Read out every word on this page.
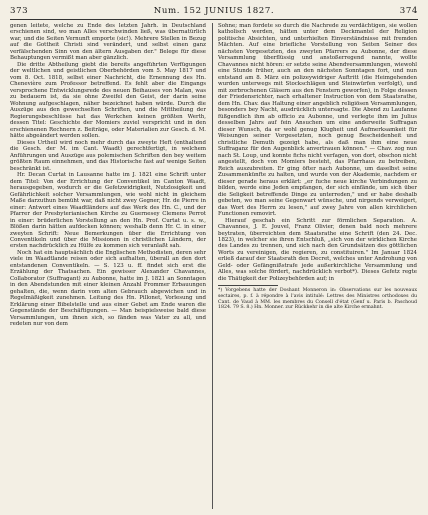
373	Num. 152 JUNIUS 1827.	374

genen leitete, welche zu Ende des letzten Jahrh. in Deutschland erschienen sind, wo man Alles verschwinden ließ, was übernatürlich war, und die Seiten Vernunft emporte (sic!). Mehrere Stellen in Bezug auf die Gottheit Christi sind verändert, und selbst einen ganz verfälschenden Sinn von den ältern Ausgaben der." Belege für diese Behauptungen vermißt man aber gänzlich.

Die dritte Abtheilung giebt die bereits angeführten Verfügungen der weltlichen und geistlichen Oberbehörden vom 5. May 1817 und vom 8. Oct. 1818, selbst einer Nachricht, die Ernennung des Hn. Chenevière zum Professor betreffend. Es fehlt aber die Eingangs versprochene Entwicklungsrede des neuen Beihauses von Malan, was zu bedauern ist, da sie ohne Zweifel den Geist, der darin seine Wohnung aufgeschlagen, näher bezeichnet haben würde. Durch die Auszüge aus den gewechselten Schriften, und die Mittheilung der Regierungsbeschlüsse hat das Werkchen keinen größten Werth, dessen Titel: Geschichte der Momiers zuviel verspricht und in den erschienenen Rechnern z. Beiträge, oder Materialien zur Gesch. d. M. hätte abgeändert werden sollen.

Dieses Urtheil wird noch mehr durch das zweyte Heft (enthaltend die Gesch. der M. im Cant. Waadt) gerechtfertigt, in welchem Anführungen und Auszüge aus polemischen Schriften den bey weitem größten Raum einnehmen, und das Historische fast auf wenige Seiten beschränkt ist.

Hr. Decan Curtat in Lausanne hatte im J. 1821 eine Schrift unter dem Titel: Von der Errichtung der Conventikel im Canton Waadt, herausgegeben, wodurch er die Gefetzwidrigkeit, Nutzlosigkeit und Gefährlichkeit solcher Versammlungen, wie wohl nicht in gleichem Maße darzuthun bemüht war, daß nicht zwey Gegner, Hr. de Pierre in einer: Antwort eines Waadtländers auf das Werk des Hn. C., und der Pfarrer der Presbyterianischen Kirche zu Guernesey Clemens Perrot in einer: brüderlichen Vorstellung an den Hn. Prof. Curtat u. s. w., Blößen darin hätten aufdecken können; weshalb denn Hr. C. in einer zweyten Schrift: Neue Bemerkungen über die Errichtung von Conventikeln und über die Missionen in christlichen Ländern, der ersten nachdrücklich zu Hülfe zu kommen sich veranlaßt sah.

Noch hat ein hauptsächlich die Englischen Methodisten, deren sehr viele im Waadtlande reisen oder sich aufhalten, überall an den dort entstandenen Conventikeln. — S. 123 u. ff. findet sich erst die Erzählung der Thatsachen. Ein gewisser Alexander Chavannes, Collaborator (Suffragant) zu Aubonne, hatte im J. 1821 an Sonntagen in den Abendstunden mit einer kleinen Anzahl Frommer Erbauungen gehalten, die, wenn darin vom alten Gebrauch abgewichen und in Regelmäßigkeit zunehmen. Leitung des Hn. Pillonet, Vorlesung und Erklärung einer Bibelstelle und aus einer Gebet am Ende waren die Gegenstände der Beschäftigungen. — Man beispielsweise bald diese Versammlungen, um ihnen sich, so fänden was Vater zu all, und redeten nur von dem

Sohne; man fordete so durch die Nachrede zu verdächtigen, sie wollen katholisch werden, hätten unter dem Deckmantel der Religion politische Absichten, und unterhielten Einverständnisse mit fremden Mächten. Auf eine briefliche Vorstellung von Seiten Seiner des nächsten Vorgesetzten, des zweyten Pfarrers zu Aubonne, der diese Versammlung überflüssig und anstoßerregend nannte, wollte Chavannes nicht hören: er setzte seine Abendversammlungen, wiewohl eine Stunde früher, auch an den nächsten Sonntagen fort, und nun entstand am 8. März ein polizeywidriger Auftritt (die Heimgehenden wurden unterwegs mit Stockschlägen und Steinwürfen verfolgt), und mit zerbrochenen Gläsern aus den Fenstern geworfen), in Folge dessen der Friedensrichter, nach erhaltener Instruction von dem Staatsrathe, dem Hn. Chav. das Haltung einer angeblich religiösen Versammlungen, besonders bey Nacht, ausdrücklich untersagte. Die Abend zu Laufanne füßgendlich ihm ab officio zu Aubonne, und verlegte ihm im Julius desselben Jahrs auf fein Ansuchen um eine anderweite Suffragan dieser Wunsch, da er wohl genug Klugheit und Aufmerksamkeit für Weisungen seiner Vorgesetzten, noch genug Bescheidenheit und christliche Demuth gezeigt habe, als daß man ihm eine neue Suffraganz für den Augenblick anvertrauen können." — Chav. zog nun nach St. Loup, und konnte fichs nicht verfagen, von dort, obschon nicht angestellt, doch von Momiers besteht, das Pfarrhaus zu betreiben, Reich auszubreiten. Er ging öfter nach Aubonne, um daselbst seine Zusammenkünfte zu halten, und wurde von der Akademie, nachdem er dieser gerade heraus erklärt: „er fuche neue kirche Verbindungen zu bilden, werde eine Jeden empfangen, der sich einfände, um sich über die Seligkeit betreffende Dinge zu unterreden," und er habe deshalb gebeten, wo man seine Gegenwart wünsche, und nirgends verweigert, das Wort des Herrn zu lesen," auf zwey Jahre von allen kirchlichen Functionen removirt.

Hierauf geschah ein Schritt zur förmlichen Separation. A. Chavannes, J. E. Jouvel, Franz Olivier, denen bald noch mehrere beytraten, überreichten dem Staatsrathe eine Schrift (den 24. Dec. 1823), in welcher sie ihren Entschluß, „sich von der wirklichen Kirche des Landes zu trennen, und sich nach den Grundsätzen des göttlichen Worts zu vereinigen, die regieren, zu constituiren." Im Januar 1824 erließ darauf der Staatsrath den Decret, welches unter Androhung von Geld- oder Gefängnißstrafe jede außerkirchliche Versammlung und Alles, was solche fördert, nachdrücklich verbot*). Dieses Gefetz regte die Thätigkeit der Polizeybehörden auf; in

*) Vorgebens hatte der Doshant Monneron in: Observations sur les nouveaux sectaires, p. f. à répondre à l'avis intitulé: Lettres des Ministres orthodoxes du Cant. de Vaud à MM. les membres du Consell d'état (Genf u. Paris b. Paschoud 1824. 79 S. 8.) Hn. Monner. zur Rückkehr in die alte Kirche ermahnt.
